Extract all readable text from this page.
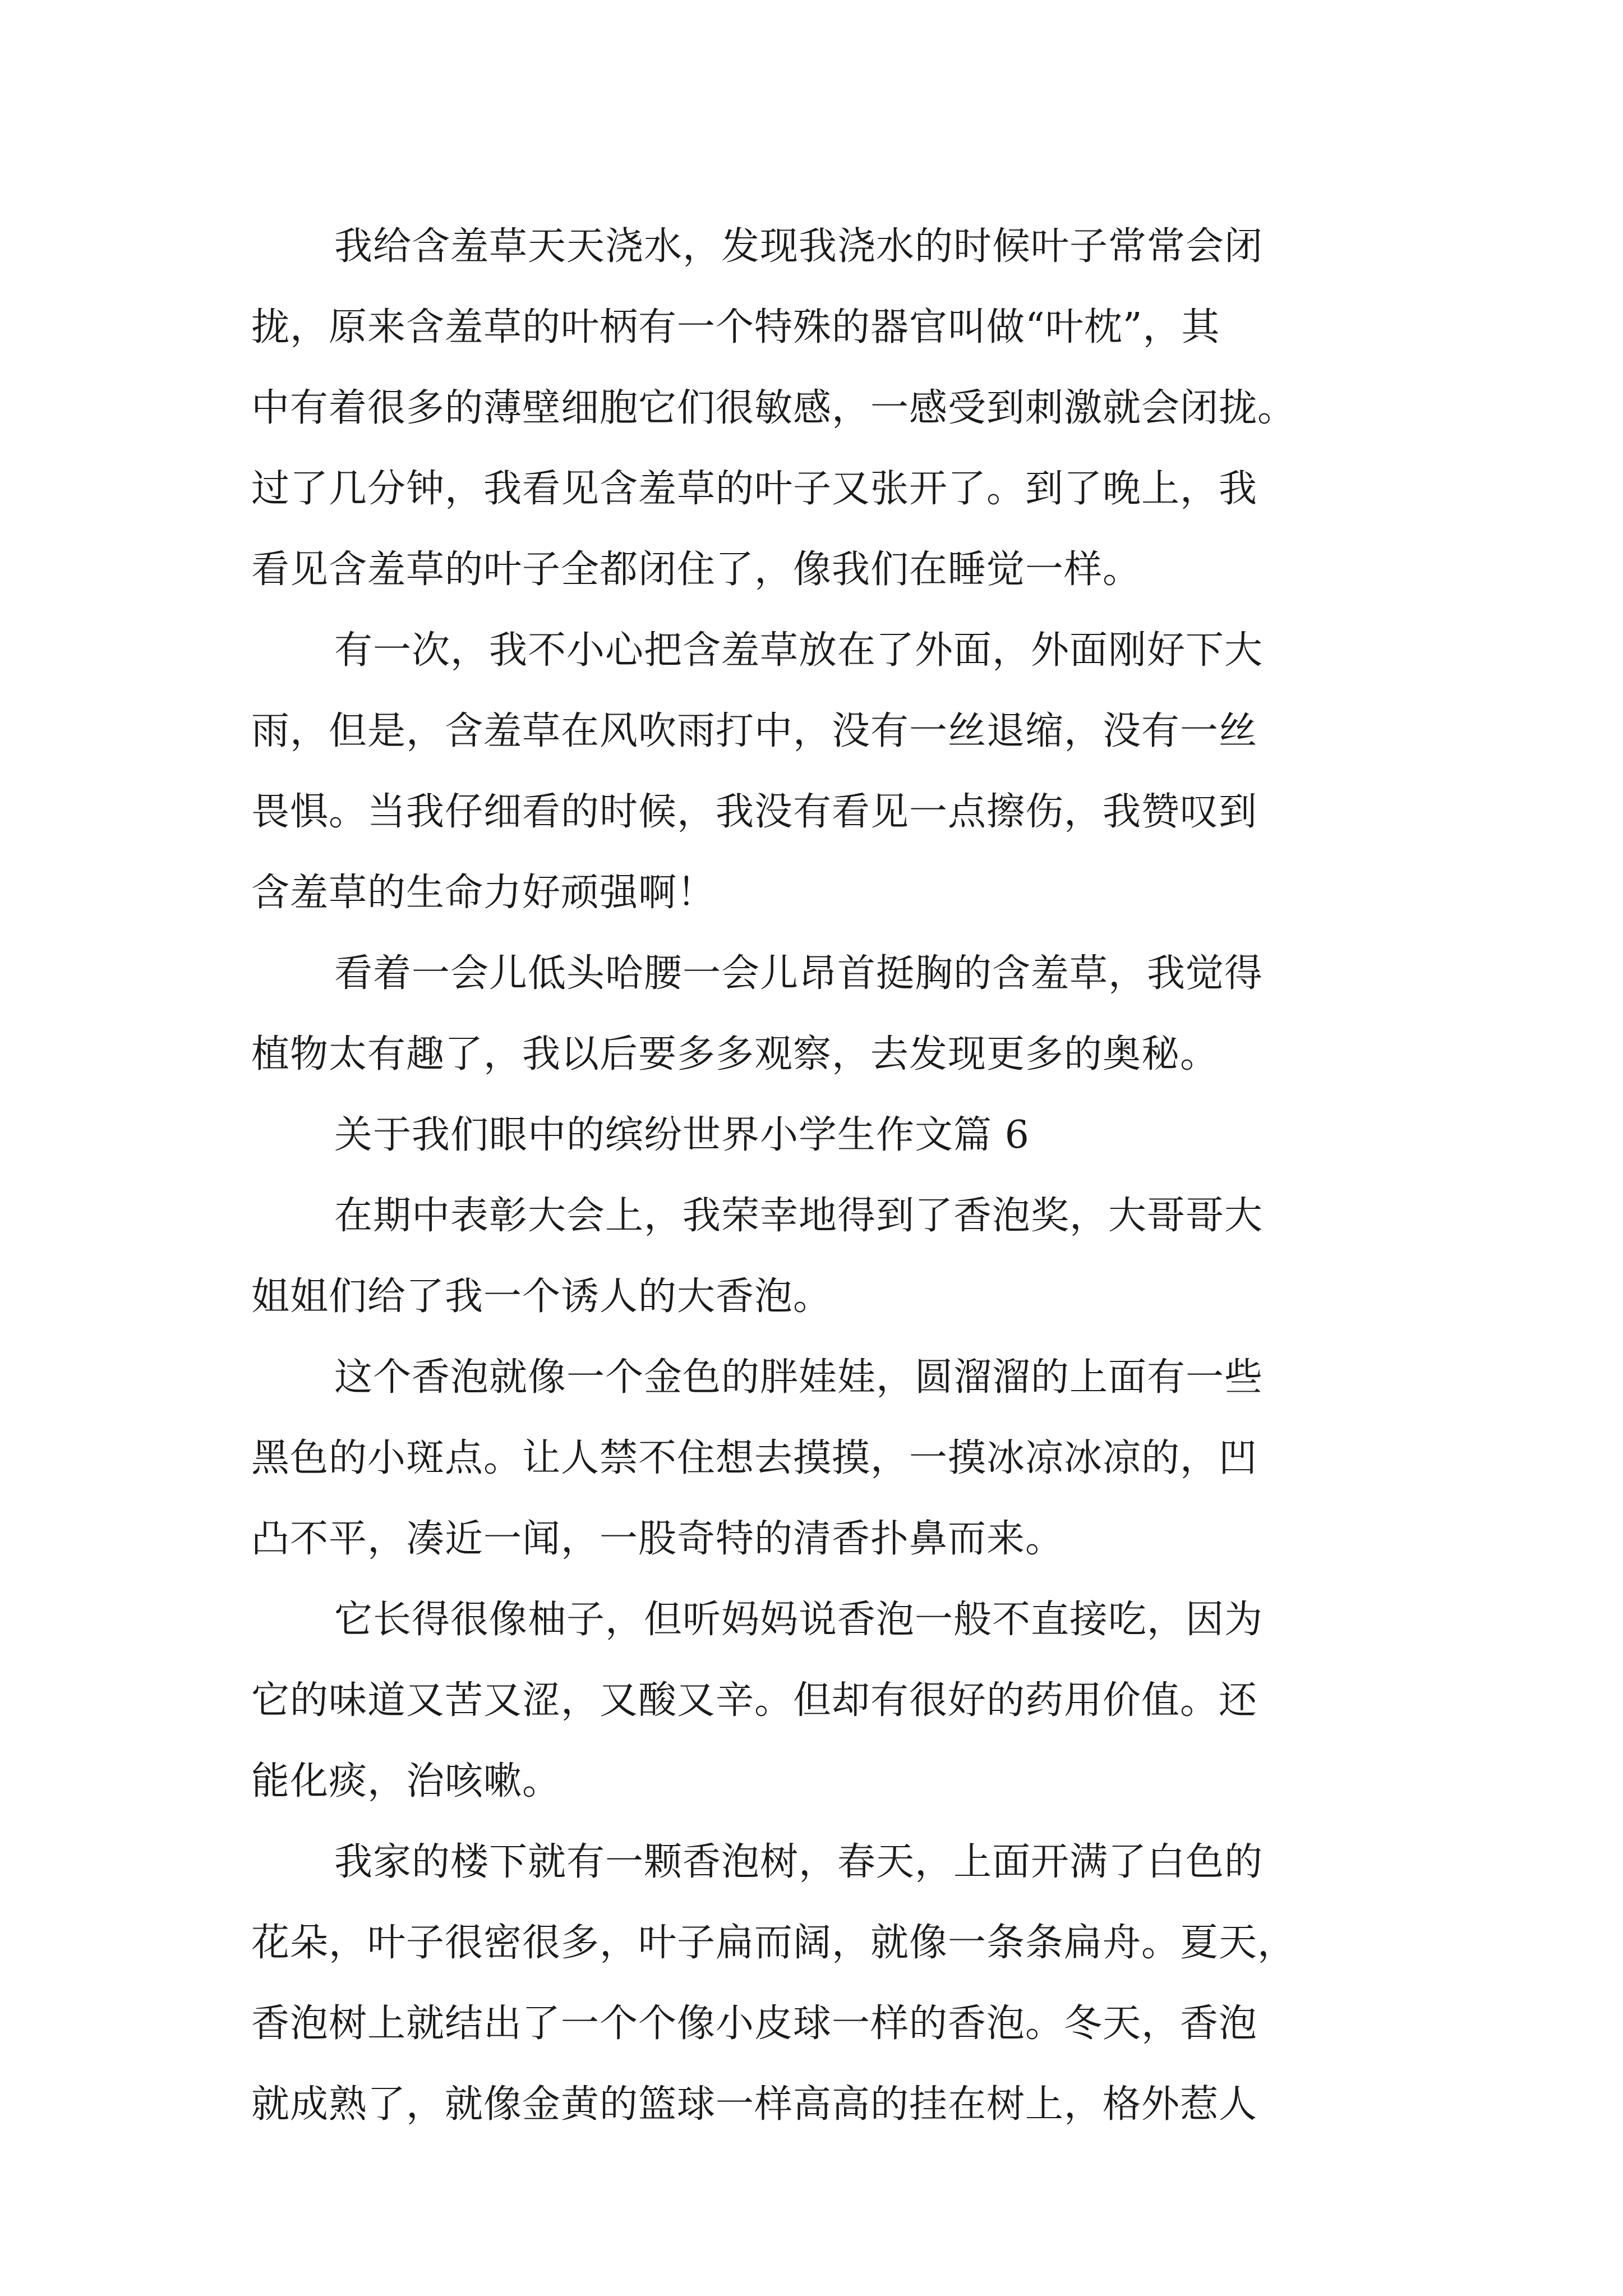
我给含羞草天天浇水，发现我浇水的时候叶子常常会闭
拢，原来含羞草的叶柄有一个特殊的器官叫做“叶枕”，其
中有着很多的薄壁细胞它们很敏感，一感受到刺激就会闭拢。
过了几分钟，我看见含羞草的叶子又张开了。到了晚上，我
看见含羞草的叶子全都闭住了，像我们在睡觉一样。
有一次，我不小心把含羞草放在了外面，外面刚好下大
雨，但是，含羞草在风吹雨打中，没有一丝退缩，没有一丝
畏惧。当我仔细看的时候，我没有看见一点擦伤，我赞叹到
含羞草的生命力好顽强啊！
看着一会儿低头哈腰一会儿昂首挺胸的含羞草，我觉得
植物太有趣了，我以后要多多观察，去发现更多的奥秘。
关于我们眼中的缤纷世界小学生作文篇 6
在期中表彰大会上，我荣幸地得到了香泡奖，大哥哥大
姐姐们给了我一个诱人的大香泡。
这个香泡就像一个金色的胖娃娃，圆溜溜的上面有一些
黑色的小斑点。让人禁不住想去摸摸，一摸冰凉冰凉的，凹
凸不平，凑近一闻，一股奇特的清香扑鼻而来。
它长得很像柚子，但听妈妈说香泡一般不直接吃，因为
它的味道又苦又涩，又酸又辛。但却有很好的药用价值。还
能化痰，治咳嗽。
我家的楼下就有一颗香泡树，春天，上面开满了白色的
花朵，叶子很密很多，叶子扁而阔，就像一条条扁舟。夏天，
香泡树上就结出了一个个像小皮球一样的香泡。冬天，香泡
就成熟了，就像金黄的篮球一样高高的挂在树上，格外惹人
